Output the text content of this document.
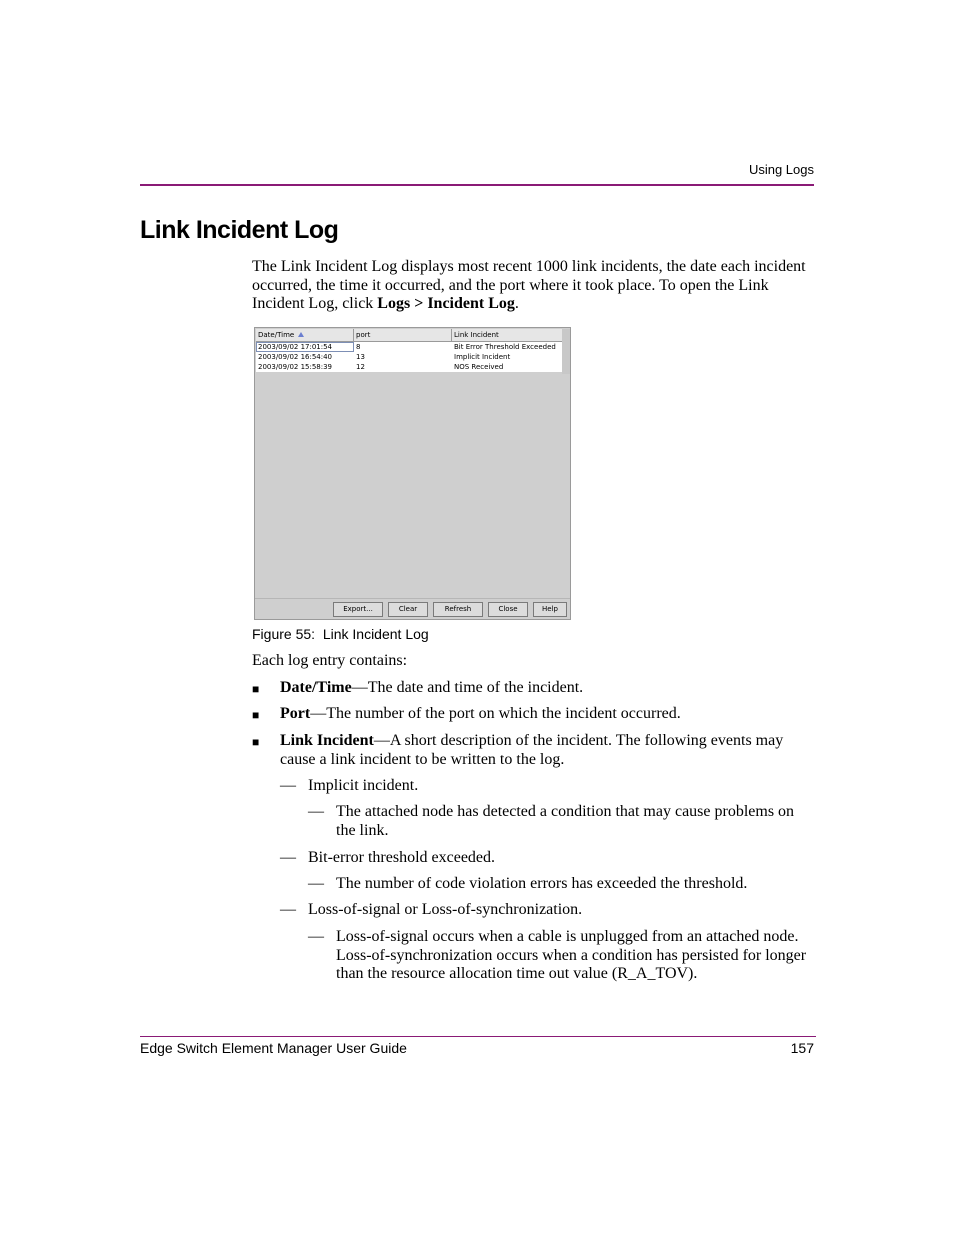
Using Logs
Link Incident Log

The Link Incident Log displays most recent 1000 link incidents, the date each incident occurred, the time it occurred, and the port where it took place. To open the Link Incident Log, click Logs > Incident Log.

Date/Time	port	Link Incident
2003/09/02 17:01:54	8	Bit Error Threshold Exceeded
2003/09/02 16:54:40	13	Implicit Incident
2003/09/02 15:58:39	12	NOS Received
Export...	Clear	Refresh	Close	Help

Figure 55: Link Incident Log

Each log entry contains:

■ Date/Time—The date and time of the incident.
■ Port—The number of the port on which the incident occurred.
■ Link Incident—A short description of the incident. The following events may cause a link incident to be written to the log.
— Implicit incident.
— The attached node has detected a condition that may cause problems on the link.
— Bit-error threshold exceeded.
— The number of code violation errors has exceeded the threshold.
— Loss-of-signal or Loss-of-synchronization.
— Loss-of-signal occurs when a cable is unplugged from an attached node. Loss-of-synchronization occurs when a condition has persisted for longer than the resource allocation time out value (R_A_TOV).
Edge Switch Element Manager User Guide	157
